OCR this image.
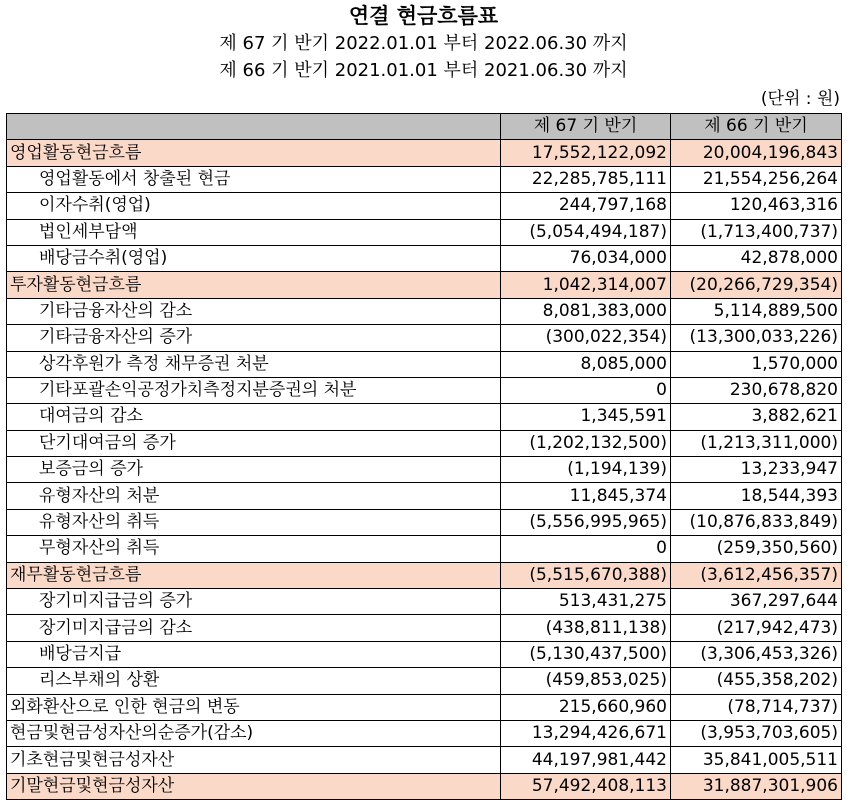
연결 현금흐름표
제 67 기 반기 2022.01.01 부터 2022.06.30 까지
제 66 기 반기 2021.01.01 부터 2021.06.30 까지
(단위 : 원)
	제 67 기 반기	제 66 기 반기
영업활동현금흐름	17,552,122,092	20,004,196,843
영업활동에서 창출된 현금	22,285,785,111	21,554,256,264
이자수취(영업)	244,797,168	120,463,316
법인세부담액	(5,054,494,187)	(1,713,400,737)
배당금수취(영업)	76,034,000	42,878,000
투자활동현금흐름	1,042,314,007	(20,266,729,354)
기타금융자산의 감소	8,081,383,000	5,114,889,500
기타금융자산의 증가	(300,022,354)	(13,300,033,226)
상각후원가 측정 채무증권 처분	8,085,000	1,570,000
기타포괄손익공정가치측정지분증권의 처분	0	230,678,820
대여금의 감소	1,345,591	3,882,621
단기대여금의 증가	(1,202,132,500)	(1,213,311,000)
보증금의 증가	(1,194,139)	13,233,947
유형자산의 처분	11,845,374	18,544,393
유형자산의 취득	(5,556,995,965)	(10,876,833,849)
무형자산의 취득	0	(259,350,560)
재무활동현금흐름	(5,515,670,388)	(3,612,456,357)
장기미지급금의 증가	513,431,275	367,297,644
장기미지급금의 감소	(438,811,138)	(217,942,473)
배당금지급	(5,130,437,500)	(3,306,453,326)
리스부채의 상환	(459,853,025)	(455,358,202)
외화환산으로 인한 현금의 변동	215,660,960	(78,714,737)
현금및현금성자산의순증가(감소)	13,294,426,671	(3,953,703,605)
기초현금및현금성자산	44,197,981,442	35,841,005,511
기말현금및현금성자산	57,492,408,113	31,887,301,906
